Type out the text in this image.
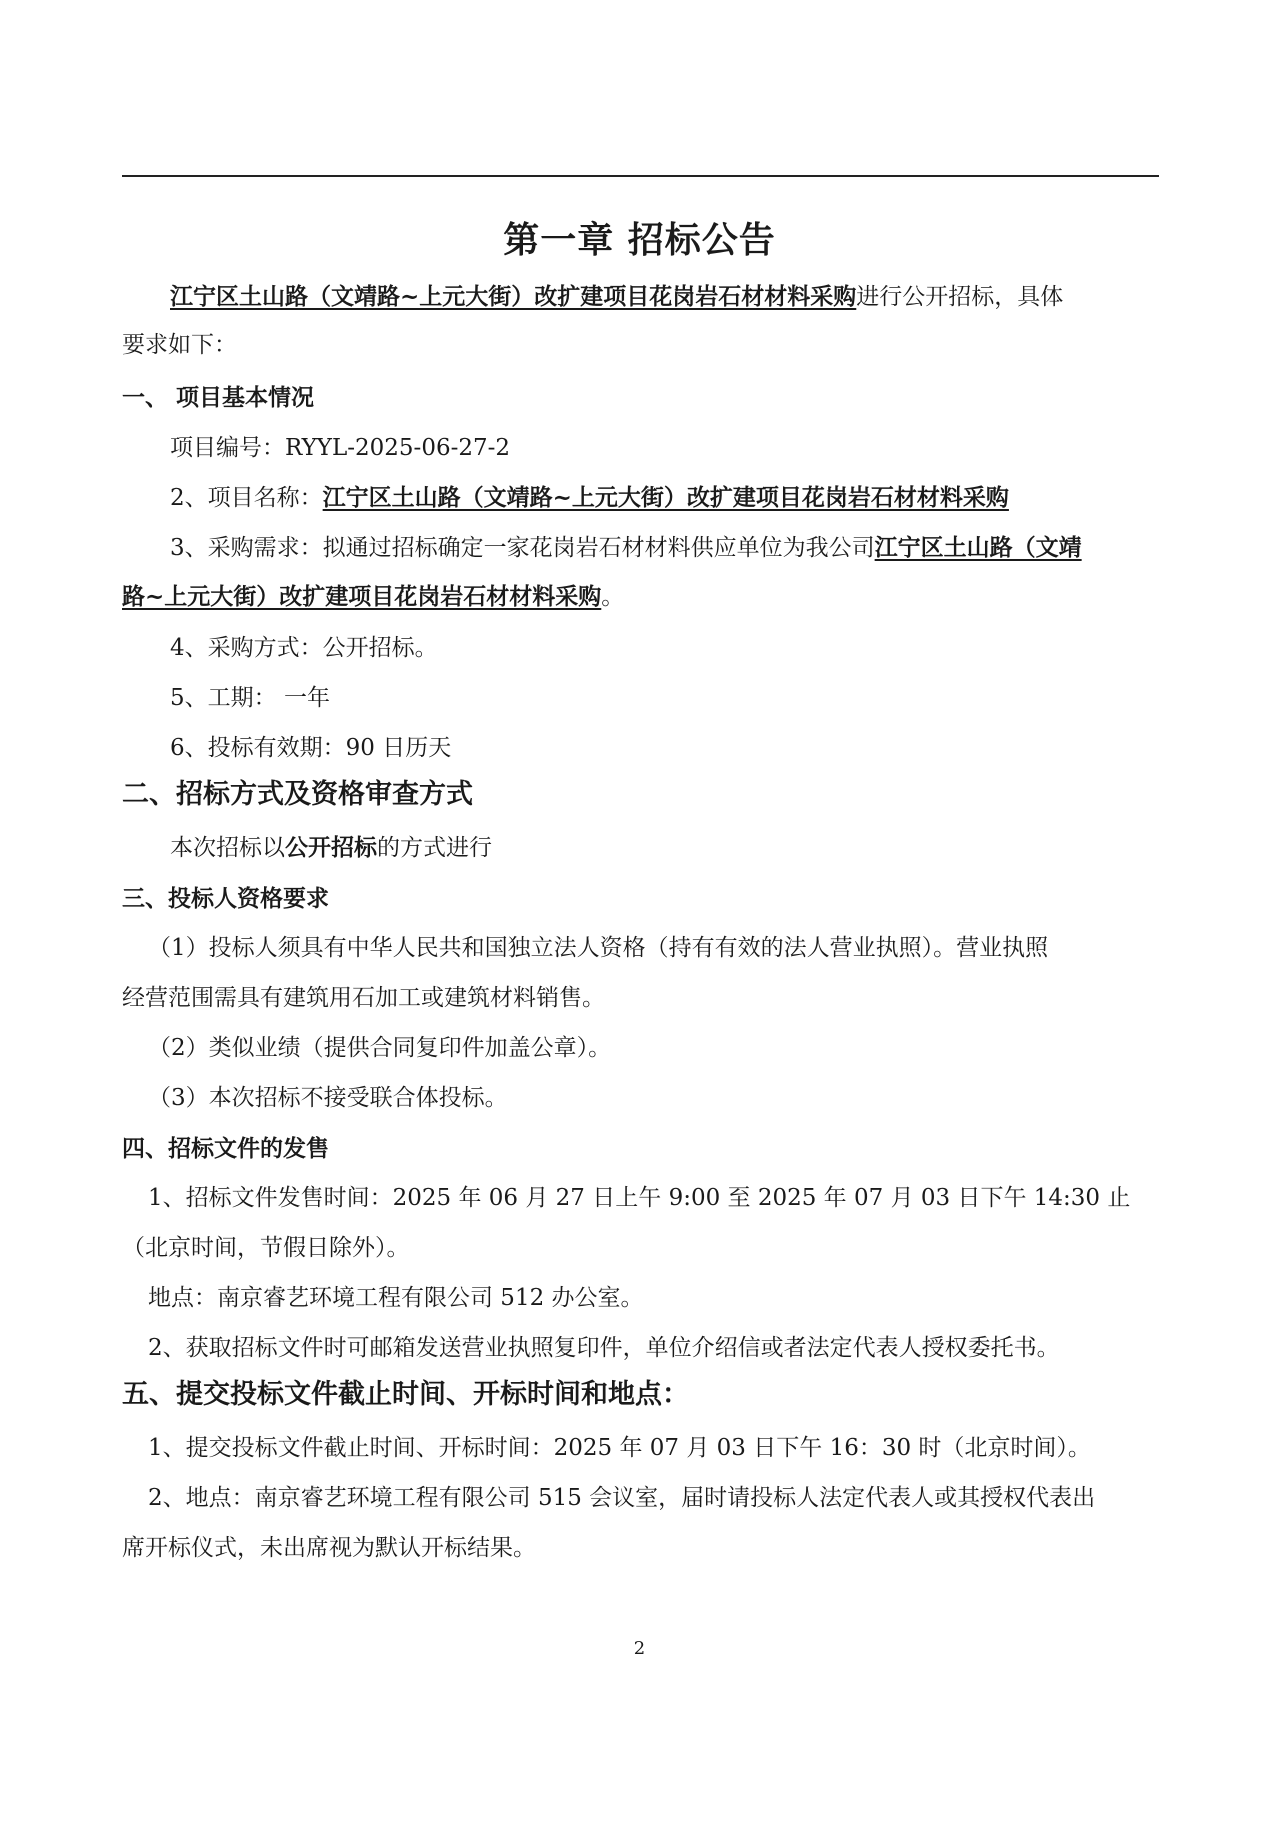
第一章 招标公告
江宁区土山路（文靖路~上元大街）改扩建项目花岗岩石材材料采购进行公开招标，具体
要求如下：
一、 项目基本情况
项目编号：RYYL-2025-06-27-2
2、项目名称：江宁区土山路（文靖路~上元大街）改扩建项目花岗岩石材材料采购
3、采购需求：拟通过招标确定一家花岗岩石材材料供应单位为我公司江宁区土山路（文靖
路~上元大街）改扩建项目花岗岩石材材料采购。
4、采购方式：公开招标。
5、工期： 一年
6、投标有效期：90 日历天
二、招标方式及资格审查方式
本次招标以公开招标的方式进行
三、投标人资格要求
（1）投标人须具有中华人民共和国独立法人资格（持有有效的法人营业执照）。营业执照
经营范围需具有建筑用石加工或建筑材料销售。
（2）类似业绩（提供合同复印件加盖公章）。
（3）本次招标不接受联合体投标。
四、招标文件的发售
1、招标文件发售时间：2025 年 06 月 27 日上午 9:00 至 2025 年 07 月 03 日下午 14:30 止
（北京时间，节假日除外）。
地点：南京睿艺环境工程有限公司 512 办公室。
2、获取招标文件时可邮箱发送营业执照复印件，单位介绍信或者法定代表人授权委托书。
五、提交投标文件截止时间、开标时间和地点：
1、提交投标文件截止时间、开标时间：2025 年 07 月 03 日下午 16：30 时（北京时间）。
2、地点：南京睿艺环境工程有限公司 515 会议室，届时请投标人法定代表人或其授权代表出
席开标仪式，未出席视为默认开标结果。
2
